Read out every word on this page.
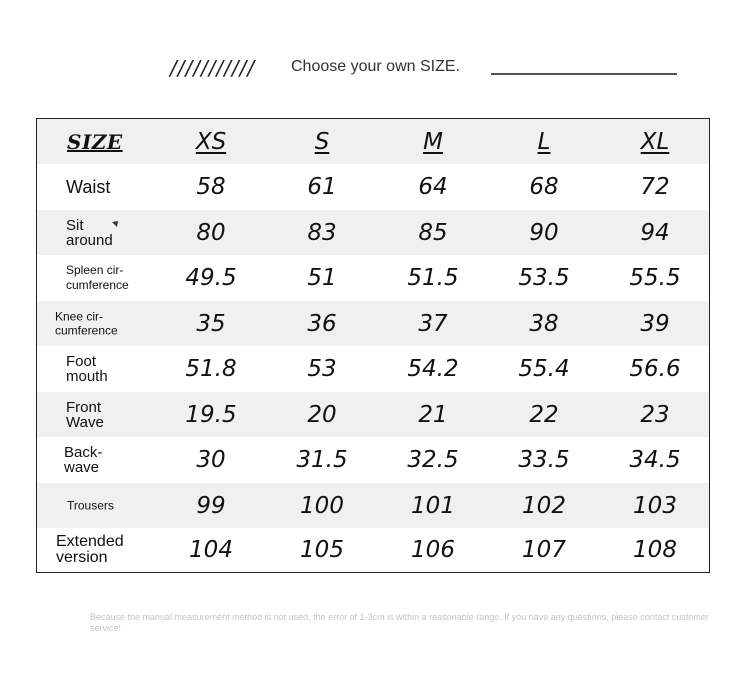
/////////// Choose your own SIZE.
SIZE	XS	S	M	L	XL
Waist	58	61	64	68	72
Sit
around	80	83	85	90	94
Spleen cir-
cumference 49.5	51	51.5	53.5	55.5
Knee cir-
cumference	35	36	37	38	39
Foot
mouth	51.8	53	54.2	55.4	56.6
Front
Wave	19.5	20	21	22	23
Back-
wave	30	31.5	32.5	33.5	34.5
Trousers	99	100	101	102	103
Extended
version	104	105	106	107	108
Because the manual measurement method is not used, the error of 1-3cm is within a reasonable range. If you have any questions, please contact customer service!
